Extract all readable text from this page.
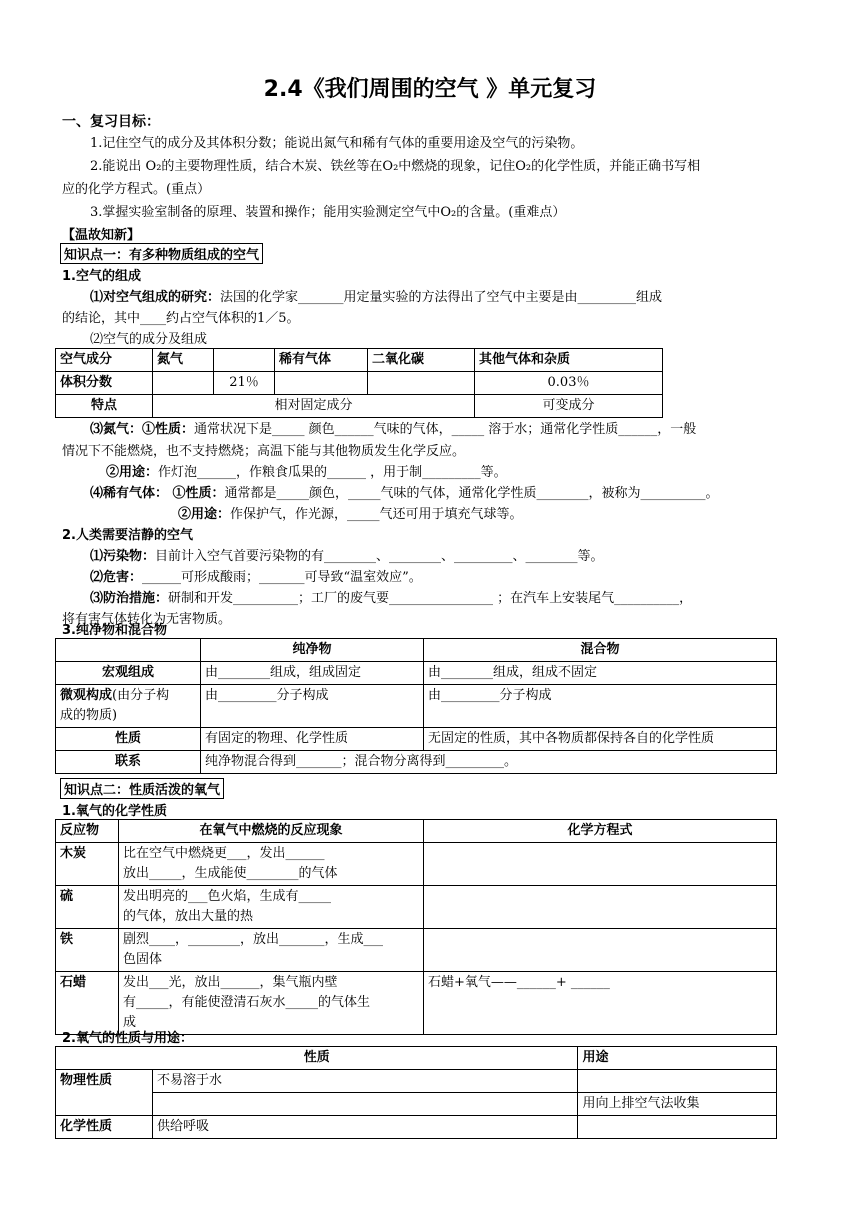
2.4《我们周围的空气 》单元复习
一、复习目标：
1.记住空气的成分及其体积分数；能说出氮气和稀有气体的重要用途及空气的污染物。
2.能说出 O₂的主要物理性质，结合木炭、铁丝等在O₂中燃烧的现象，记住O₂的化学性质，并能正确书写相
应的化学方程式。(重点）
3.掌握实验室制备的原理、装置和操作；能用实验测定空气中O₂的含量。(重难点）
【温故知新】
知识点一：有多种物质组成的空气
1.空气的组成
⑴对空气组成的研究：法国的化学家_______用定量实验的方法得出了空气中主要是由_________组成
的结论，其中____约占空气体积的1／5。
⑵空气的成分及组成
空气成分	氮气		稀有气体	二氧化碳	其他气体和杂质
体积分数		21％			0.03％
特点	相对固定成分				可变成分
⑶氮气：①性质：通常状况下是_____ 颜色______气味的气体，_____ 溶于水；通常化学性质______，一般
情况下不能燃烧，也不支持燃烧；高温下能与其他物质发生化学反应。
②用途：作灯泡______，作粮食瓜果的______ ，用于制_________等。
⑷稀有气体： ①性质：通常都是_____颜色，_____气味的气体，通常化学性质________，被称为__________。
②用途：作保护气，作光源，_____气还可用于填充气球等。
2.人类需要洁静的空气
⑴污染物：目前计入空气首要污染物的有________、________、_________、________等。
⑵危害：______可形成酸雨；_______可导致“温室效应”。
⑶防治措施：研制和开发__________；工厂的废气要________________ ；在汽车上安装尾气__________，
将有害气体转化为无害物质。
3.纯净物和混合物
	纯净物	混合物
宏观组成	由________组成，组成固定	由________组成，组成不固定
微观构成(由分子构
成的物质)	由_________分子构成	由_________分子构成
性质	有固定的物理、化学性质	无固定的性质，其中各物质都保持各自的化学性质
联系	纯净物混合得到_______；混合物分离得到_________。	
知识点二：性质活泼的氧气
1.氧气的化学性质
反应物	在氧气中燃烧的反应现象	化学方程式
木炭	比在空气中燃烧更___，发出______
放出_____，生成能使________的气体	
硫	发出明亮的___色火焰，生成有_____
的气体，放出大量的热	
铁	剧烈____，________，放出_______，生成___
色固体	
石蜡	发出___光，放出______，集气瓶内壁
有_____，有能使澄清石灰水_____的气体生
成	石蜡+氧气——______+ ______
2.氧气的性质与用途：
性质		用途
物理性质	不易溶于水	
		用向上排空气法收集
化学性质	供给呼吸	
